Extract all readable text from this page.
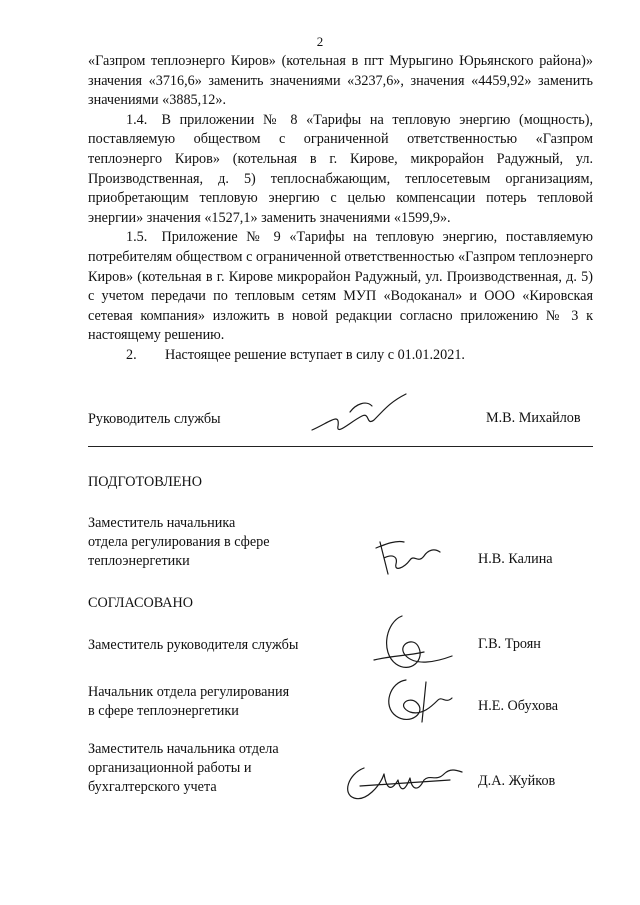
2

«Газпром теплоэнерго Киров» (котельная в пгт Мурыгино Юрьянского района)» значения «3716,6» заменить значениями «3237,6», значения «4459,92» заменить значениями «3885,12».

1.4. В приложении № 8 «Тарифы на тепловую энергию (мощность), поставляемую обществом с ограниченной ответственностью «Газпром теплоэнерго Киров» (котельная в г. Кирове, микрорайон Радужный, ул. Производственная, д. 5) теплоснабжающим, теплосетевым организациям, приобретающим тепловую энергию с целью компенсации потерь тепловой энергии» значения «1527,1» заменить значениями «1599,9».

1.5. Приложение № 9 «Тарифы на тепловую энергию, поставляемую потребителям обществом с ограниченной ответственностью «Газпром теплоэнерго Киров» (котельная в г. Кирове микрорайон Радужный, ул. Производственная, д. 5) с учетом передачи по тепловым сетям МУП «Водоканал» и ООО «Кировская сетевая компания» изложить в новой редакции согласно приложению № 3 к настоящему решению.

2.  Настоящее решение вступает в силу с 01.01.2021.

Руководитель службы	М.В. Михайлов
ПОДГОТОВЛЕНО
Заместитель начальника
отдела регулирования в сфере
теплоэнергетики	Н.В. Калина
СОГЛАСОВАНО
Заместитель руководителя службы	Г.В. Троян
Начальник отдела регулирования
в сфере теплоэнергетики	Н.Е. Обухова
Заместитель начальника отдела
организационной работы и
бухгалтерского учета	Д.А. Жуйков
